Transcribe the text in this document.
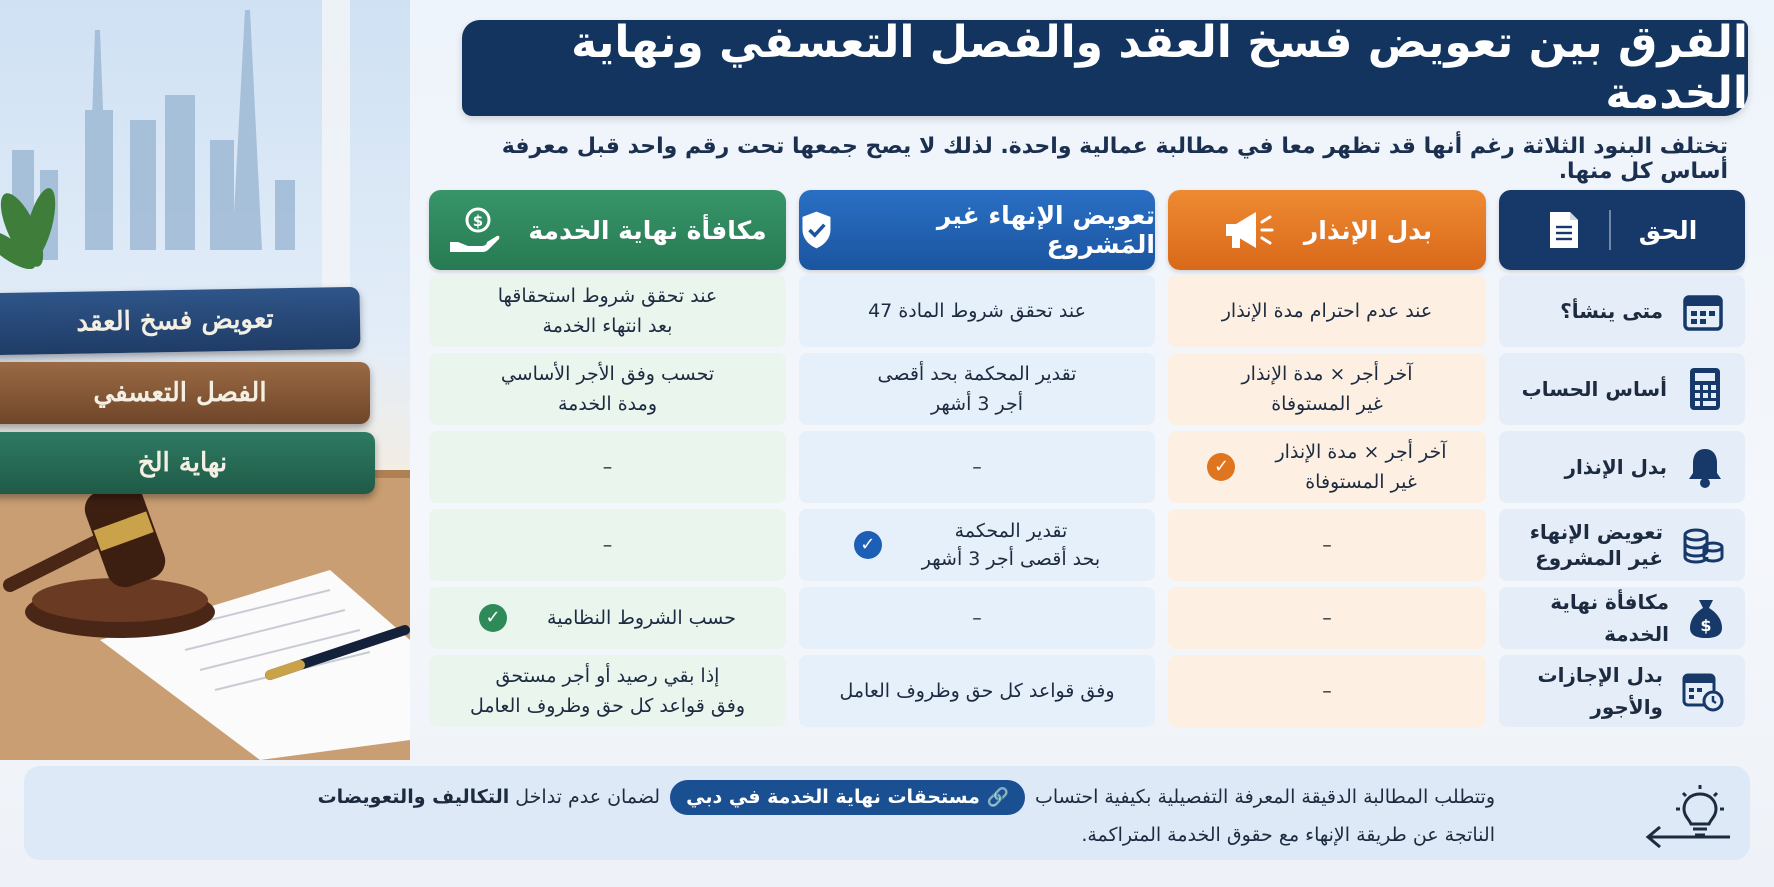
تعويض فسخ العقد
الفصل التعسفي
نهاية الخ
الفرق بين تعويض فسخ العقد والفصل التعسفي ونهاية الخدمة
تختلف البنود الثلاثة رغم أنها قد تظهر معا في مطالبة عمالية واحدة. لذلك لا يصح جمعها تحت رقم واحد قبل معرفة أساس كل منها.
الحق
متى ينشأ؟
أساس الحساب
بدل الإنذار
تعويض الإنهاء
غير المشروع
$
مكافأة نهاية الخدمة
بدل الإجازات والأجور
بدل الإنذار
عند عدم احترام مدة الإنذار
آخر أجر × مدة الإنذار
غير المستوفاة
آخر أجر × مدة الإنذار
غير المستوفاة
✓
–
–
–
تعويض الإنهاء غير المَشروع
عند تحقق شروط المادة 47
تقدير المحكمة بحد أقصى
أجر 3 أشهر
–
تقدير المحكمة
بحد أقصى أجر 3 أشهر
✓
–
وفق قواعد كل حق وظروف العامل
مكافأة نهاية الخدمة
$
عند تحقق شروط استحقاقها
بعد انتهاء الخدمة
تحسب وفق الأجر الأساسي
ومدة الخدمة
–
–
حسب الشروط النظامية
✓
إذا بقي رصيد أو أجر مستحق
وفق قواعد كل حق وظروف العامل
وتتطلب المطالبة الدقيقة المعرفة التفصيلية بكيفية احتساب 🔗 مستحقات نهاية الخدمة في دبي لضمان عدم تداخل التكاليف والتعويضات
الناتجة عن طريقة الإنهاء مع حقوق الخدمة المتراكمة.
